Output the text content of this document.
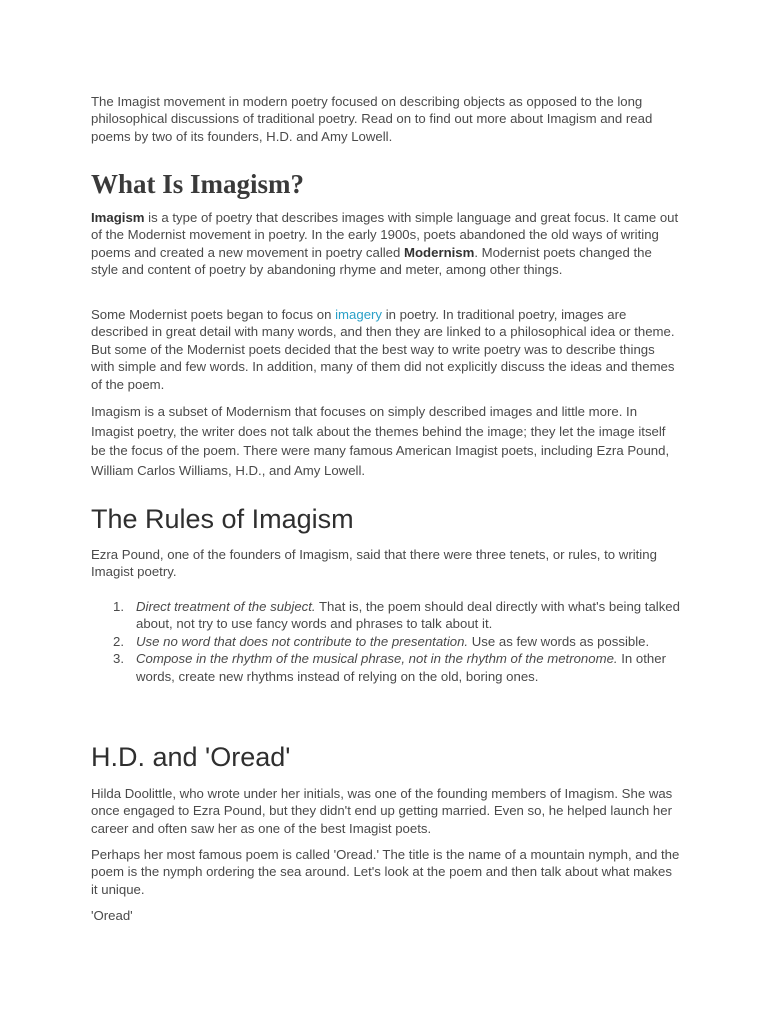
The Imagist movement in modern poetry focused on describing objects as opposed to the long philosophical discussions of traditional poetry. Read on to find out more about Imagism and read poems by two of its founders, H.D. and Amy Lowell.

What Is Imagism?

Imagism is a type of poetry that describes images with simple language and great focus. It came out of the Modernist movement in poetry. In the early 1900s, poets abandoned the old ways of writing poems and created a new movement in poetry called Modernism. Modernist poets changed the style and content of poetry by abandoning rhyme and meter, among other things.

Some Modernist poets began to focus on imagery in poetry. In traditional poetry, images are described in great detail with many words, and then they are linked to a philosophical idea or theme. But some of the Modernist poets decided that the best way to write poetry was to describe things with simple and few words. In addition, many of them did not explicitly discuss the ideas and themes of the poem.

Imagism is a subset of Modernism that focuses on simply described images and little more. In Imagist poetry, the writer does not talk about the themes behind the image; they let the image itself be the focus of the poem. There were many famous American Imagist poets, including Ezra Pound, William Carlos Williams, H.D., and Amy Lowell.

The Rules of Imagism

Ezra Pound, one of the founders of Imagism, said that there were three tenets, or rules, to writing Imagist poetry.

1. Direct treatment of the subject. That is, the poem should deal directly with what's being talked about, not try to use fancy words and phrases to talk about it.
2. Use no word that does not contribute to the presentation. Use as few words as possible.
3. Compose in the rhythm of the musical phrase, not in the rhythm of the metronome. In other words, create new rhythms instead of relying on the old, boring ones.
H.D. and 'Oread'

Hilda Doolittle, who wrote under her initials, was one of the founding members of Imagism. She was once engaged to Ezra Pound, but they didn't end up getting married. Even so, he helped launch her career and often saw her as one of the best Imagist poets.

Perhaps her most famous poem is called 'Oread.' The title is the name of a mountain nymph, and the poem is the nymph ordering the sea around. Let's look at the poem and then talk about what makes it unique.

'Oread'
